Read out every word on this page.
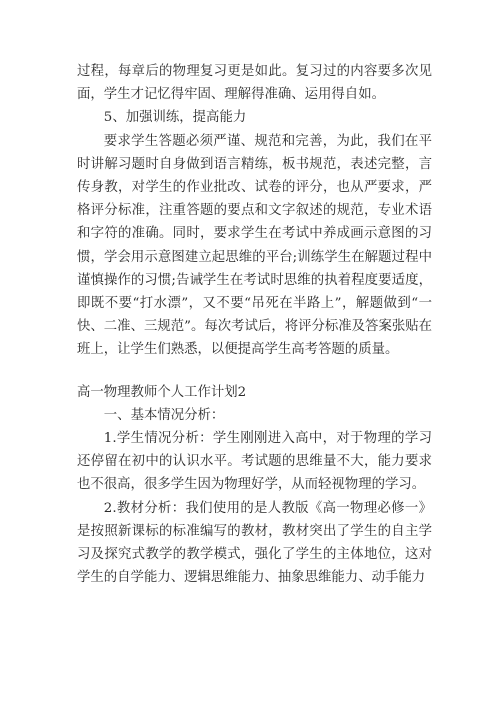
过程，每章后的物理复习更是如此。复习过的内容要多次见面，学生才记忆得牢固、理解得准确、运用得自如。

5、加强训练，提高能力

要求学生答题必须严谨、规范和完善，为此，我们在平时讲解习题时自身做到语言精练，板书规范，表述完整，言传身教，对学生的作业批改、试卷的评分，也从严要求，严格评分标准，注重答题的要点和文字叙述的规范，专业术语和字符的准确。同时，要求学生在考试中养成画示意图的习惯，学会用示意图建立起思维的平台;训练学生在解题过程中谨慎操作的习惯;告诫学生在考试时思维的执着程度要适度，即既不要“打水漂”，又不要“吊死在半路上”，解题做到“一快、二准、三规范”。每次考试后，将评分标准及答案张贴在班上，让学生们熟悉，以便提高学生高考答题的质量。

高一物理教师个人工作计划2

一、基本情况分析：

1.学生情况分析：学生刚刚进入高中，对于物理的学习还停留在初中的认识水平。考试题的思维量不大，能力要求也不很高，很多学生因为物理好学，从而轻视物理的学习。

2.教材分析：我们使用的是人教版《高一物理必修一》是按照新课标的标准编写的教材，教材突出了学生的自主学习及探究式教学的教学模式，强化了学生的主体地位，这对学生的自学能力、逻辑思维能力、抽象思维能力、动手能力
